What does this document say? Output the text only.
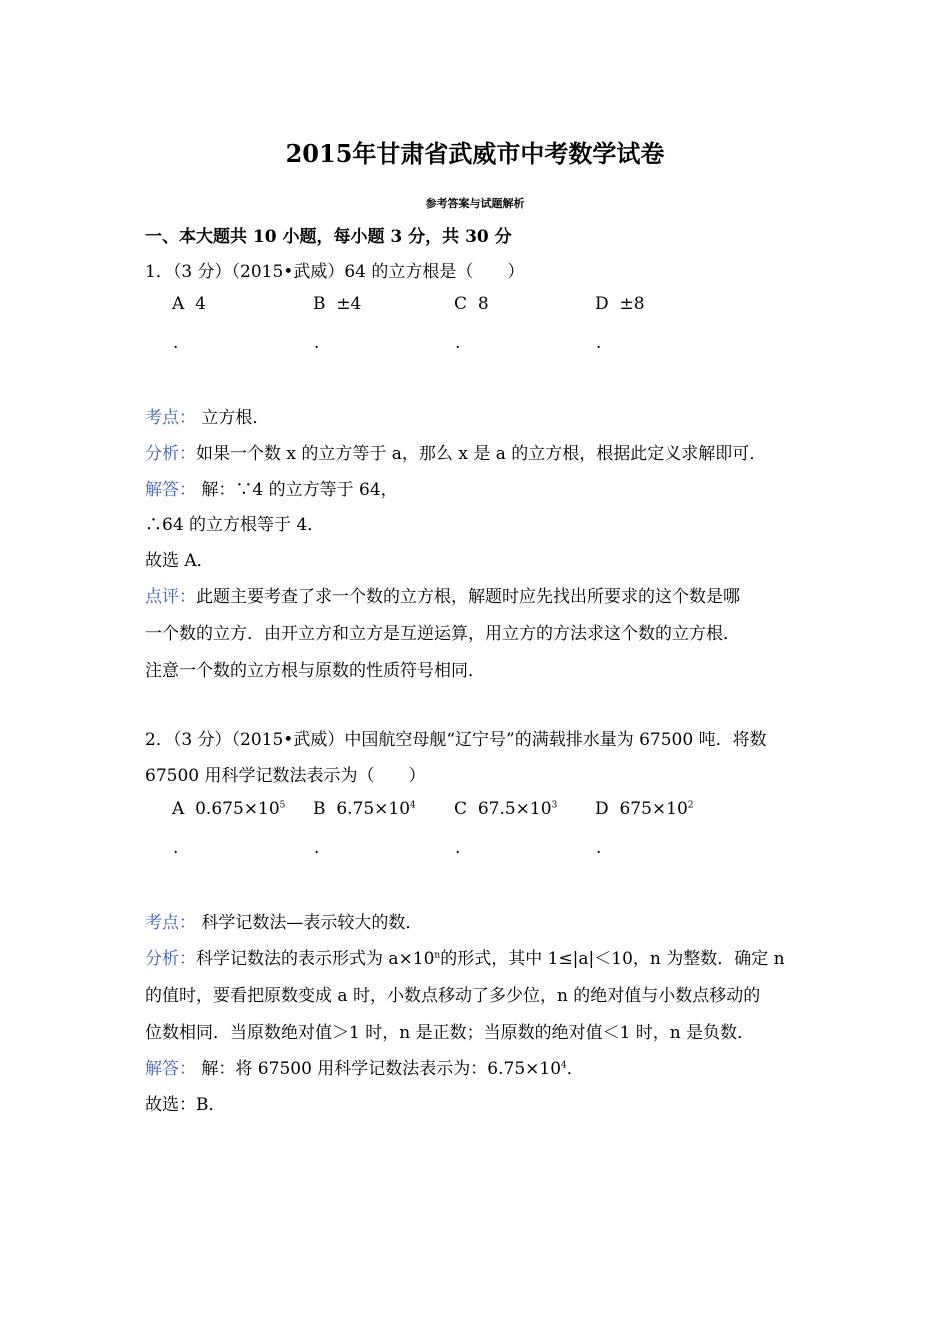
2015年甘肃省武威市中考数学试卷
参考答案与试题解析
一、本大题共 10 小题，每小题 3 分，共 30 分
1．（3 分）（2015•武威）64 的立方根是（　　）
A 4	B ±4	C 8	D ±8
.	.	.	.
考点： 立方根．
分析：如果一个数 x 的立方等于 a，那么 x 是 a 的立方根，根据此定义求解即可．
解答： 解：∵4 的立方等于 64，
∴64 的立方根等于 4．
故选 A．
点评：此题主要考查了求一个数的立方根，解题时应先找出所要求的这个数是哪
一个数的立方．由开立方和立方是互逆运算，用立方的方法求这个数的立方根．
注意一个数的立方根与原数的性质符号相同．
2．（3 分）（2015•武威）中国航空母舰“辽宁号”的满载排水量为 67500 吨．将数
67500 用科学记数法表示为（　　）
A $0.675\times 10^5$ B $6.75\times 10^4$ C $67.5\times 10^3$ D $675\times 10^2$
.	.	.	.
考点： 科学记数法—表示较大的数．
分析：科学记数法的表示形式为 $a\times 10^n$的形式，其中 1≤|a|＜10，n 为整数．确定 n
的值时，要看把原数变成 a 时，小数点移动了多少位，n 的绝对值与小数点移动的
位数相同．当原数绝对值＞1 时，n 是正数；当原数的绝对值＜1 时，n 是负数．
解答： 解：将 67500 用科学记数法表示为：$6.75\times 10^4$．
故选：B．
